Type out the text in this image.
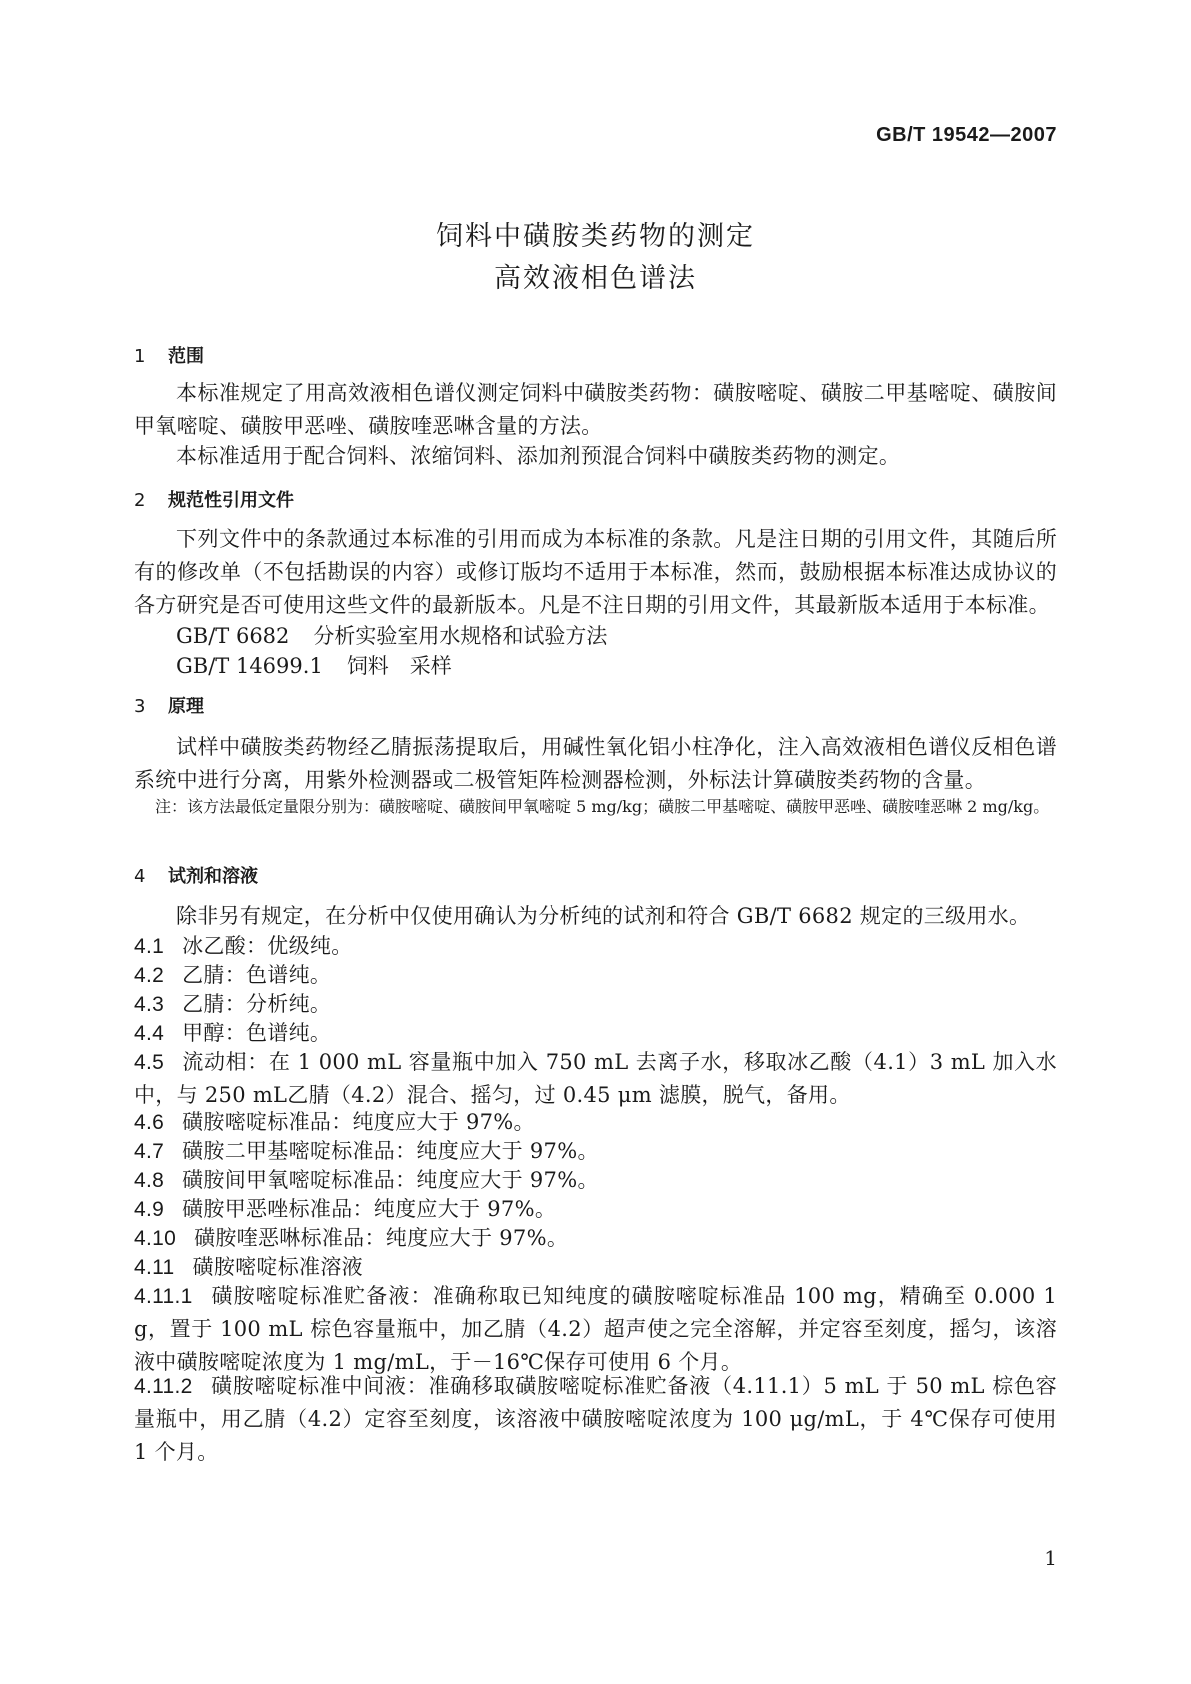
GB/T 19542—2007
饲料中磺胺类药物的测定
高效液相色谱法
1 范围
本标准规定了用高效液相色谱仪测定饲料中磺胺类药物：磺胺嘧啶、磺胺二甲基嘧啶、磺胺间甲氧嘧啶、磺胺甲恶唑、磺胺喹恶啉含量的方法。
本标准适用于配合饲料、浓缩饲料、添加剂预混合饲料中磺胺类药物的测定。
2 规范性引用文件
下列文件中的条款通过本标准的引用而成为本标准的条款。凡是注日期的引用文件，其随后所有的修改单（不包括勘误的内容）或修订版均不适用于本标准，然而，鼓励根据本标准达成协议的各方研究是否可使用这些文件的最新版本。凡是不注日期的引用文件，其最新版本适用于本标准。
GB/T 6682 分析实验室用水规格和试验方法
GB/T 14699.1 饲料　采样
3 原理
试样中磺胺类药物经乙腈振荡提取后，用碱性氧化铝小柱净化，注入高效液相色谱仪反相色谱系统中进行分离，用紫外检测器或二极管矩阵检测器检测，外标法计算磺胺类药物的含量。
注：该方法最低定量限分别为：磺胺嘧啶、磺胺间甲氧嘧啶 5 mg/kg；磺胺二甲基嘧啶、磺胺甲恶唑、磺胺喹恶啉 2 mg/kg。
4 试剂和溶液
除非另有规定，在分析中仅使用确认为分析纯的试剂和符合 GB/T 6682 规定的三级用水。
4.1 冰乙酸：优级纯。
4.2 乙腈：色谱纯。
4.3 乙腈：分析纯。
4.4 甲醇：色谱纯。
4.5 流动相：在 1 000 mL 容量瓶中加入 750 mL 去离子水，移取冰乙酸（4.1）3 mL 加入水中，与 250 mL乙腈（4.2）混合、摇匀，过 0.45 μm 滤膜，脱气，备用。
4.6 磺胺嘧啶标准品：纯度应大于 97%。
4.7 磺胺二甲基嘧啶标准品：纯度应大于 97%。
4.8 磺胺间甲氧嘧啶标准品：纯度应大于 97%。
4.9 磺胺甲恶唑标准品：纯度应大于 97%。
4.10 磺胺喹恶啉标准品：纯度应大于 97%。
4.11 磺胺嘧啶标准溶液
4.11.1 磺胺嘧啶标准贮备液：准确称取已知纯度的磺胺嘧啶标准品 100 mg，精确至 0.000 1 g，置于 100 mL 棕色容量瓶中，加乙腈（4.2）超声使之完全溶解，并定容至刻度，摇匀，该溶液中磺胺嘧啶浓度为 1 mg/mL，于－16℃保存可使用 6 个月。
4.11.2 磺胺嘧啶标准中间液：准确移取磺胺嘧啶标准贮备液（4.11.1）5 mL 于 50 mL 棕色容量瓶中，用乙腈（4.2）定容至刻度，该溶液中磺胺嘧啶浓度为 100 μg/mL，于 4℃保存可使用 1 个月。
1
